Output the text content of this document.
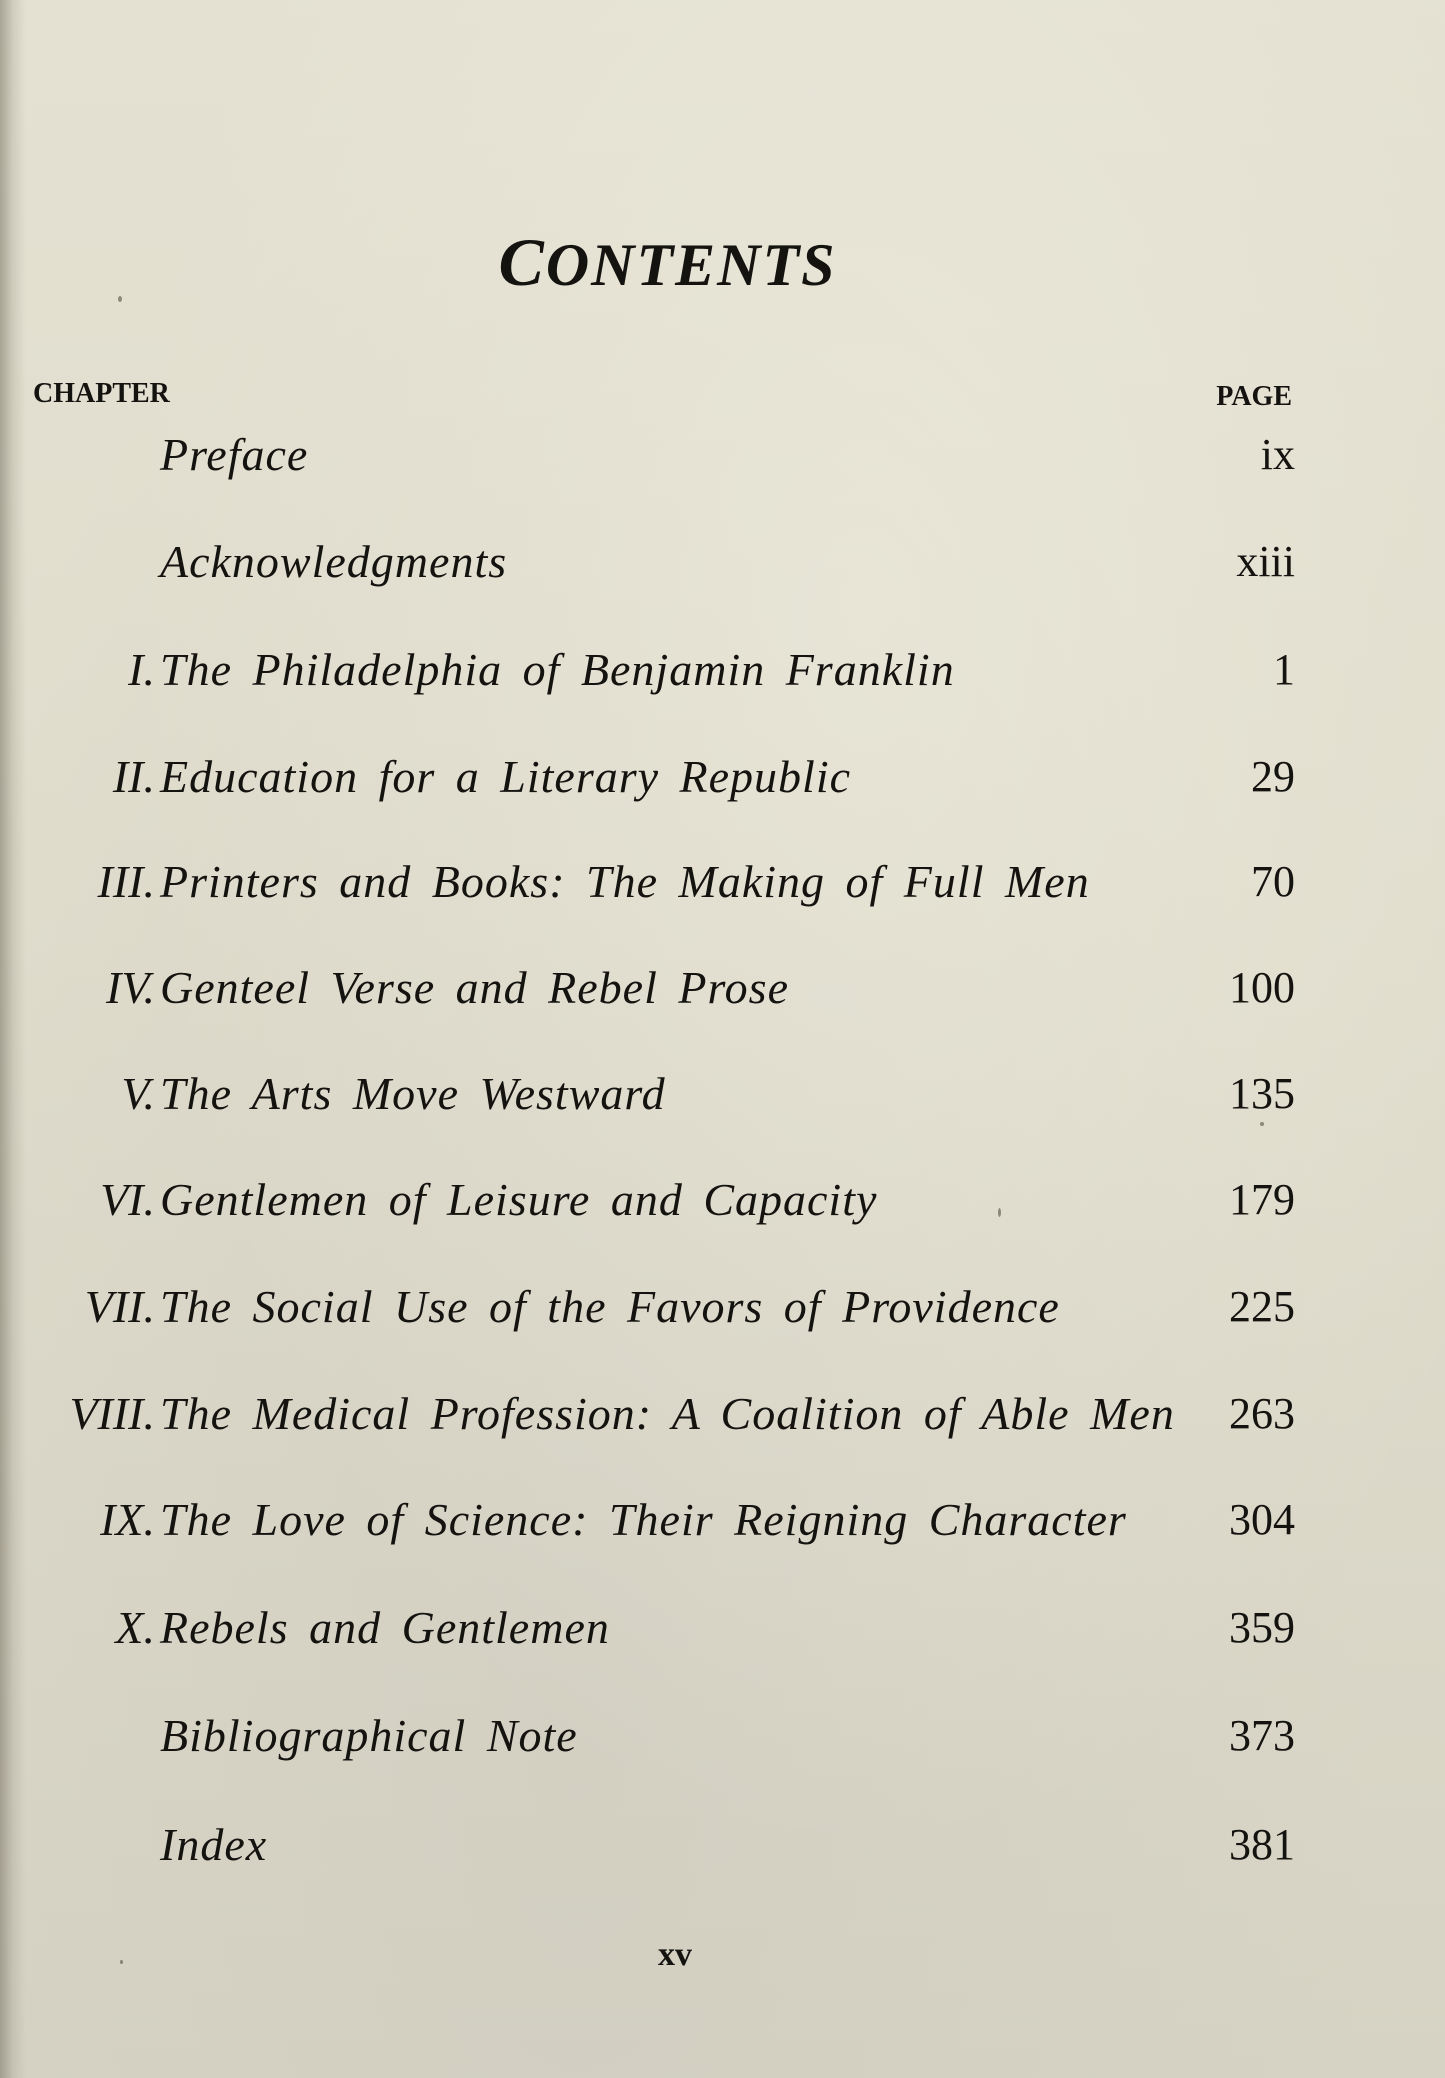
CONTENTS
CHAPTER	PAGE
Preface	ix
Acknowledgments	xiii
I. The Philadelphia of Benjamin Franklin	1
II. Education for a Literary Republic	29
III. Printers and Books: The Making of Full Men	70
IV. Genteel Verse and Rebel Prose	100
V. The Arts Move Westward	135
VI. Gentlemen of Leisure and Capacity	179
VII. The Social Use of the Favors of Providence	225
VIII. The Medical Profession: A Coalition of Able Men 263
IX. The Love of Science: Their Reigning Character 304
X. Rebels and Gentlemen	359
Bibliographical Note	373
Index	381
xv
